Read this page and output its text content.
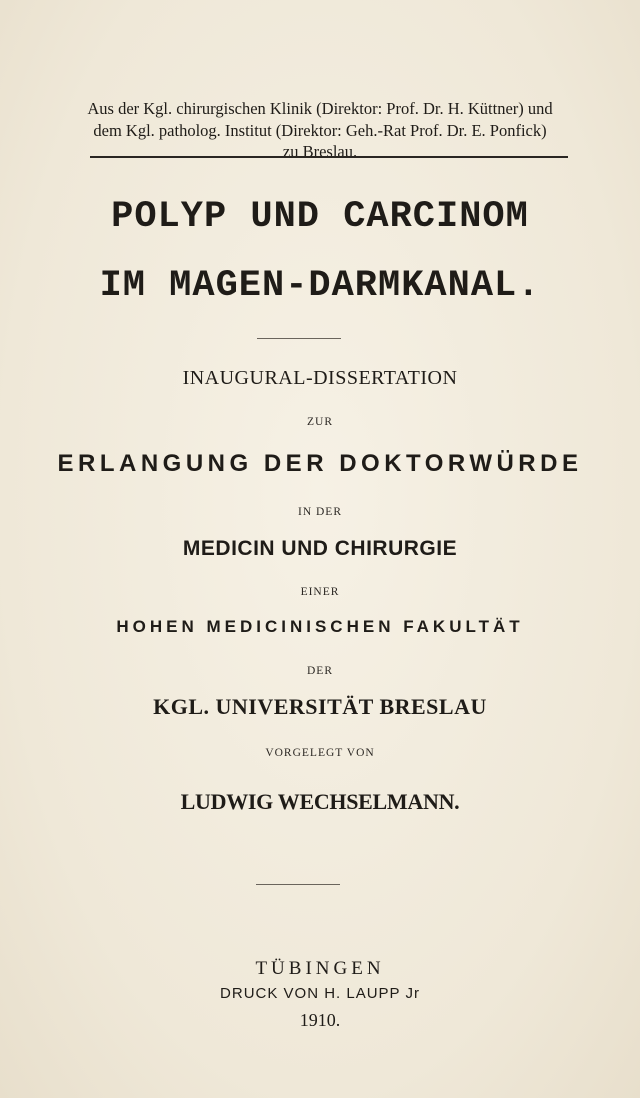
Aus der Kgl. chirurgischen Klinik (Direktor: Prof. Dr. H. Küttner) und
dem Kgl. patholog. Institut (Direktor: Geh.-Rat Prof. Dr. E. Ponfick)
zu Breslau.
POLYP UND CARCINOM
IM MAGEN-DARMKANAL.
INAUGURAL-DISSERTATION
ZUR
ERLANGUNG DER DOKTORWÜRDE
IN DER
MEDICIN UND CHIRURGIE
EINER
HOHEN MEDICINISCHEN FAKULTÄT
DER
KGL. UNIVERSITÄT BRESLAU
VORGELEGT VON
LUDWIG WECHSELMANN.
TÜBINGEN
DRUCK VON H. LAUPP Jr
1910.
